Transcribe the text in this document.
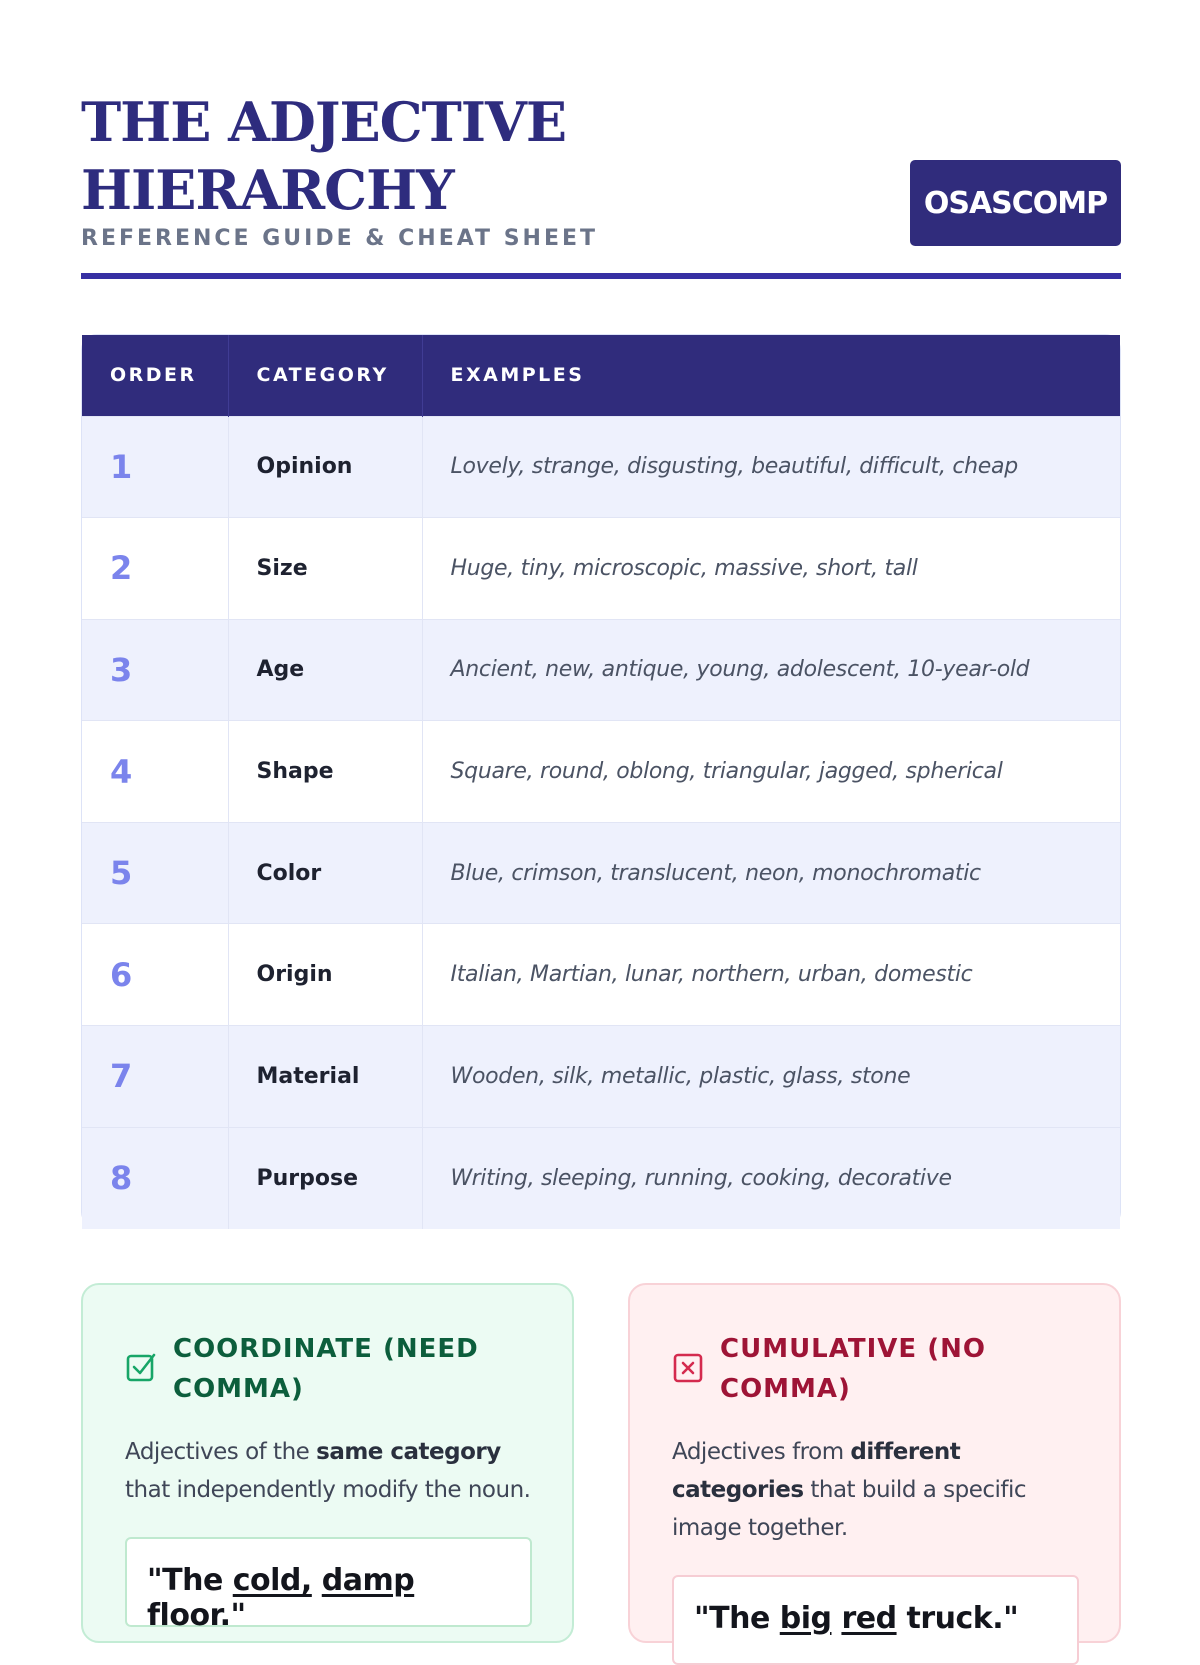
THE ADJECTIVE
HIERARCHY
REFERENCE GUIDE & CHEAT SHEET
OSASCOMP
ORDER	CATEGORY	EXAMPLES
1	Opinion	Lovely, strange, disgusting, beautiful, difficult, cheap
2	Size	Huge, tiny, microscopic, massive, short, tall
3	Age	Ancient, new, antique, young, adolescent, 10-year-old
4	Shape	Square, round, oblong, triangular, jagged, spherical
5	Color	Blue, crimson, translucent, neon, monochromatic
6	Origin	Italian, Martian, lunar, northern, urban, domestic
7	Material	Wooden, silk, metallic, plastic, glass, stone
8	Purpose	Writing, sleeping, running, cooking, decorative
COORDINATE (NEED COMMA)

Adjectives of the same category that independently modify the noun.

"The cold, damp floor."
CUMULATIVE (NO COMMA)

Adjectives from different categories that build a specific image together.

"The big red truck."
